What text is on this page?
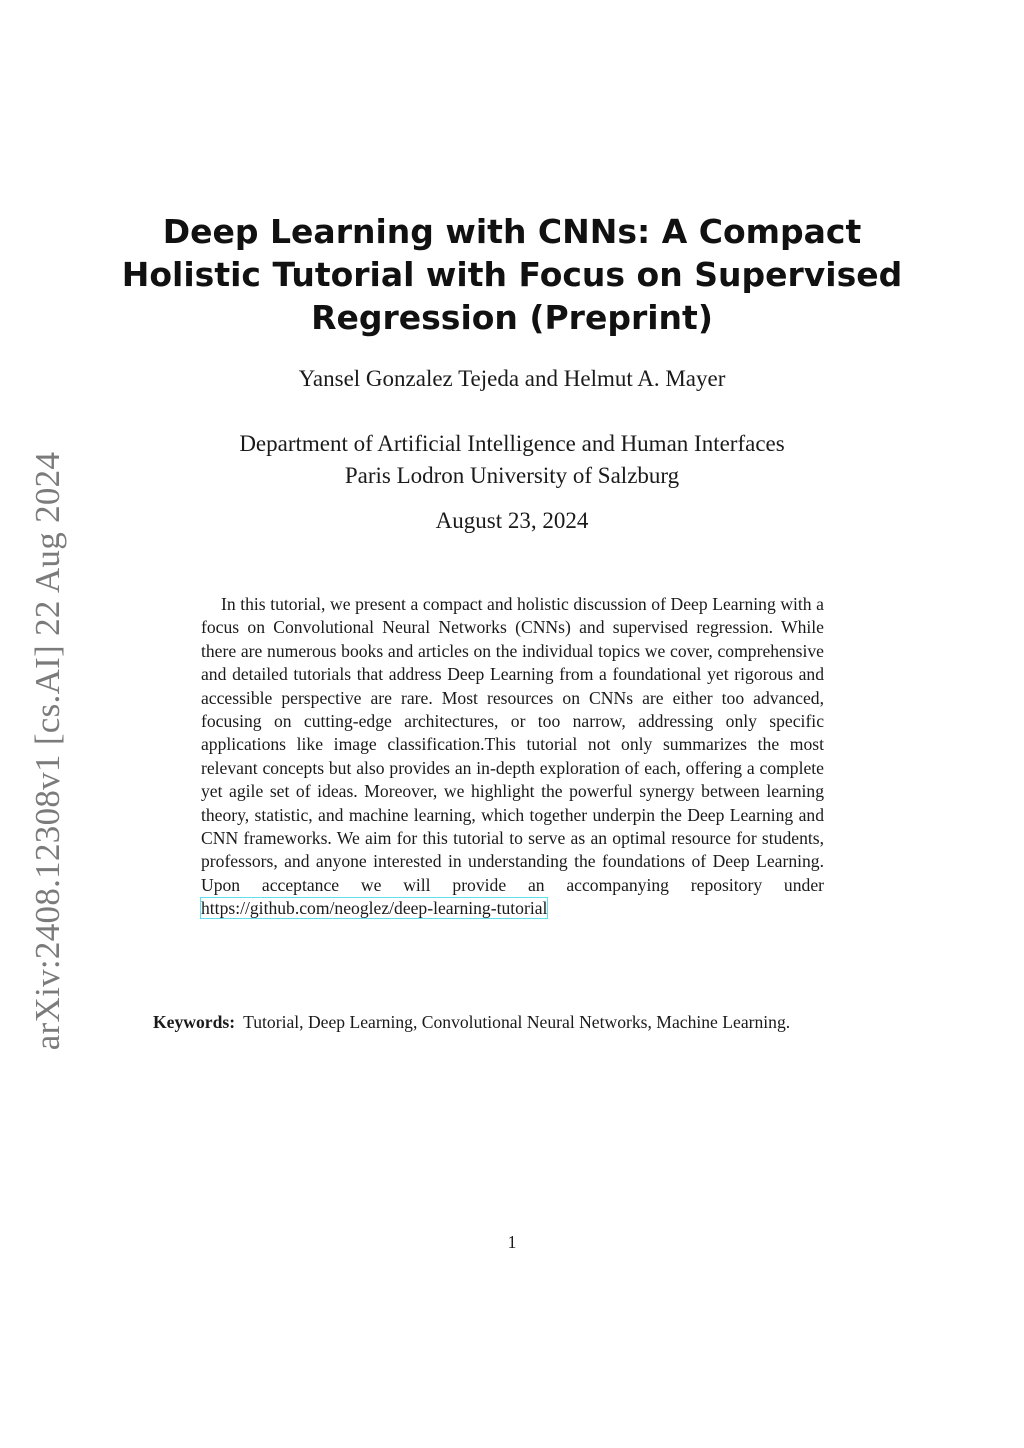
arXiv:2408.12308v1 [cs.AI] 22 Aug 2024
Deep Learning with CNNs: A Compact
Holistic Tutorial with Focus on Supervised
Regression (Preprint)
Yansel Gonzalez Tejeda and Helmut A. Mayer
Department of Artificial Intelligence and Human Interfaces
Paris Lodron University of Salzburg
August 23, 2024

In this tutorial, we present a compact and holistic discussion of Deep Learning with a focus on Convolutional Neural Networks (CNNs) and supervised regression. While there are numerous books and articles on the individual topics we cover, comprehensive and detailed tutorials that address Deep Learning from a foundational yet rigorous and accessible perspective are rare. Most resources on CNNs are either too advanced, focusing on cutting-edge architectures, or too narrow, addressing only specific applications like image classification.This tutorial not only summarizes the most relevant concepts but also provides an in-depth exploration of each, offering a complete yet agile set of ideas. Moreover, we highlight the powerful synergy between learning theory, statistic, and machine learning, which together underpin the Deep Learning and CNN frameworks. We aim for this tutorial to serve as an optimal resource for students, professors, and anyone interested in understanding the foundations of Deep Learning. Upon acceptance we will provide an accompanying repository under https://github.com/neoglez/deep-learning-tutorial

Keywords: Tutorial, Deep Learning, Convolutional Neural Networks, Machine Learning.

1
